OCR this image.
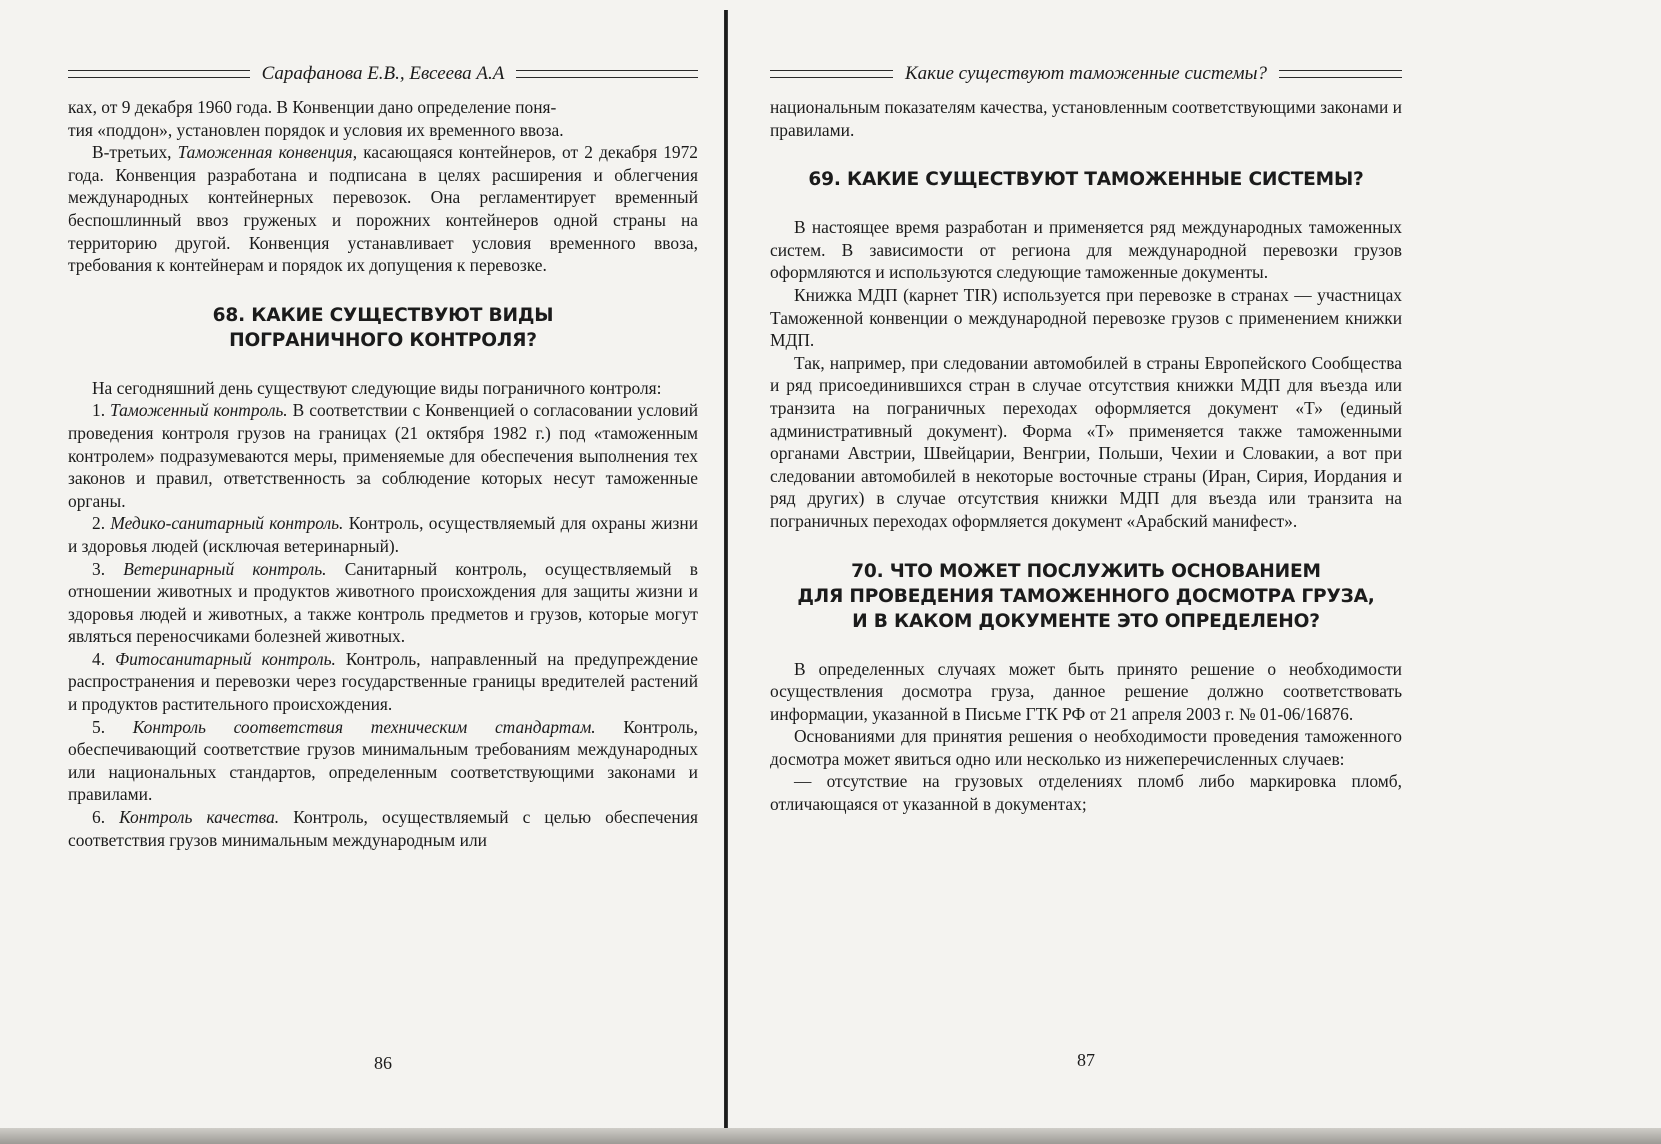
Сарафанова Е.В., Евсеева А.А

ках, от 9 декабря 1960 года. В Конвенции дано определение поня-

тия «поддон», установлен порядок и условия их временного ввоза.

В-третьих, Таможенная конвенция, касающаяся контейнеров, от 2 декабря 1972 года. Конвенция разработана и подписана в целях расширения и облегчения международных контейнерных перевозок. Она регламентирует временный беспошлинный ввоз груженых и порожних контейнеров одной страны на территорию другой. Конвенция устанавливает условия временного ввоза, требования к контейнерам и порядок их допущения к перевозке.

68. КАКИЕ СУЩЕСТВУЮТ ВИДЫ
ПОГРАНИЧНОГО КОНТРОЛЯ?

На сегодняшний день существуют следующие виды пограничного контроля:

1. Таможенный контроль. В соответствии с Конвенцией о согласовании условий проведения контроля грузов на границах (21 октября 1982 г.) под «таможенным контролем» подразумеваются меры, применяемые для обеспечения выполнения тех законов и правил, ответственность за соблюдение которых несут таможенные органы.

2. Медико-санитарный контроль. Контроль, осуществляемый для охраны жизни и здоровья людей (исключая ветеринарный).

3. Ветеринарный контроль. Санитарный контроль, осуществляемый в отношении животных и продуктов животного происхождения для защиты жизни и здоровья людей и животных, а также контроль предметов и грузов, которые могут являться переносчиками болезней животных.

4. Фитосанитарный контроль. Контроль, направленный на предупреждение распространения и перевозки через государственные границы вредителей растений и продуктов растительного происхождения.

5. Контроль соответствия техническим стандартам. Контроль, обеспечивающий соответствие грузов минимальным требованиям международных или национальных стандартов, определенным соответствующими законами и правилами.

6. Контроль качества. Контроль, осуществляемый с целью обеспечения соответствия грузов минимальным международным или

86
Какие существуют таможенные системы?

национальным показателям качества, установленным соответствующими законами и правилами.

69. КАКИЕ СУЩЕСТВУЮТ ТАМОЖЕННЫЕ СИСТЕМЫ?

В настоящее время разработан и применяется ряд международных таможенных систем. В зависимости от региона для международной перевозки грузов оформляются и используются следующие таможенные документы.

Книжка МДП (карнет TIR) используется при перевозке в странах — участницах Таможенной конвенции о международной перевозке грузов с применением книжки МДП.

Так, например, при следовании автомобилей в страны Европейского Сообщества и ряд присоединившихся стран в случае отсутствия книжки МДП для въезда или транзита на пограничных переходах оформляется документ «Т» (единый административный документ). Форма «Т» применяется также таможенными органами Австрии, Швейцарии, Венгрии, Польши, Чехии и Словакии, а вот при следовании автомобилей в некоторые восточные страны (Иран, Сирия, Иордания и ряд других) в случае отсутствия книжки МДП для въезда или транзита на пограничных переходах оформляется документ «Арабский манифест».

70. ЧТО МОЖЕТ ПОСЛУЖИТЬ ОСНОВАНИЕМ
ДЛЯ ПРОВЕДЕНИЯ ТАМОЖЕННОГО ДОСМОТРА ГРУЗА,
И В КАКОМ ДОКУМЕНТЕ ЭТО ОПРЕДЕЛЕНО?

В определенных случаях может быть принято решение о необходимости осуществления досмотра груза, данное решение должно соответствовать информации, указанной в Письме ГТК РФ от 21 апреля 2003 г. № 01-06/16876.

Основаниями для принятия решения о необходимости проведения таможенного досмотра может явиться одно или несколько из нижеперечисленных случаев:

— отсутствие на грузовых отделениях пломб либо маркировка пломб, отличающаяся от указанной в документах;

87
